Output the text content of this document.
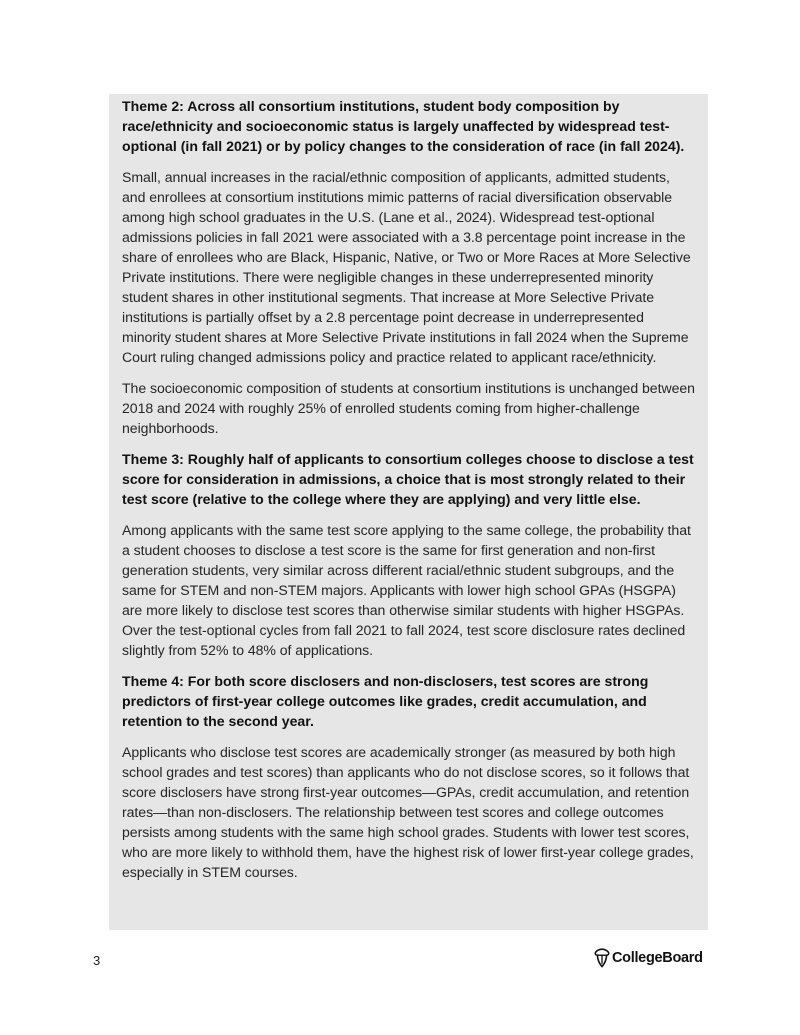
Theme 2: Across all consortium institutions, student body composition by race/ethnicity and socioeconomic status is largely unaffected by widespread test-optional (in fall 2021) or by policy changes to the consideration of race (in fall 2024).

Small, annual increases in the racial/ethnic composition of applicants, admitted students, and enrollees at consortium institutions mimic patterns of racial diversification observable among high school graduates in the U.S. (Lane et al., 2024). Widespread test-optional admissions policies in fall 2021 were associated with a 3.8 percentage point increase in the share of enrollees who are Black, Hispanic, Native, or Two or More Races at More Selective Private institutions. There were negligible changes in these underrepresented minority student shares in other institutional segments. That increase at More Selective Private institutions is partially offset by a 2.8 percentage point decrease in underrepresented minority student shares at More Selective Private institutions in fall 2024 when the Supreme Court ruling changed admissions policy and practice related to applicant race/ethnicity.

The socioeconomic composition of students at consortium institutions is unchanged between 2018 and 2024 with roughly 25% of enrolled students coming from higher-challenge neighborhoods.

Theme 3: Roughly half of applicants to consortium colleges choose to disclose a test score for consideration in admissions, a choice that is most strongly related to their test score (relative to the college where they are applying) and very little else.

Among applicants with the same test score applying to the same college, the probability that a student chooses to disclose a test score is the same for first generation and non-first generation students, very similar across different racial/ethnic student subgroups, and the same for STEM and non-STEM majors. Applicants with lower high school GPAs (HSGPA) are more likely to disclose test scores than otherwise similar students with higher HSGPAs. Over the test-optional cycles from fall 2021 to fall 2024, test score disclosure rates declined slightly from 52% to 48% of applications.

Theme 4: For both score disclosers and non-disclosers, test scores are strong predictors of first-year college outcomes like grades, credit accumulation, and retention to the second year.

Applicants who disclose test scores are academically stronger (as measured by both high school grades and test scores) than applicants who do not disclose scores, so it follows that score disclosers have strong first-year outcomes—GPAs, credit accumulation, and retention rates—than non-disclosers. The relationship between test scores and college outcomes persists among students with the same high school grades. Students with lower test scores, who are more likely to withhold them, have the highest risk of lower first-year college grades, especially in STEM courses.

3	CollegeBoard
